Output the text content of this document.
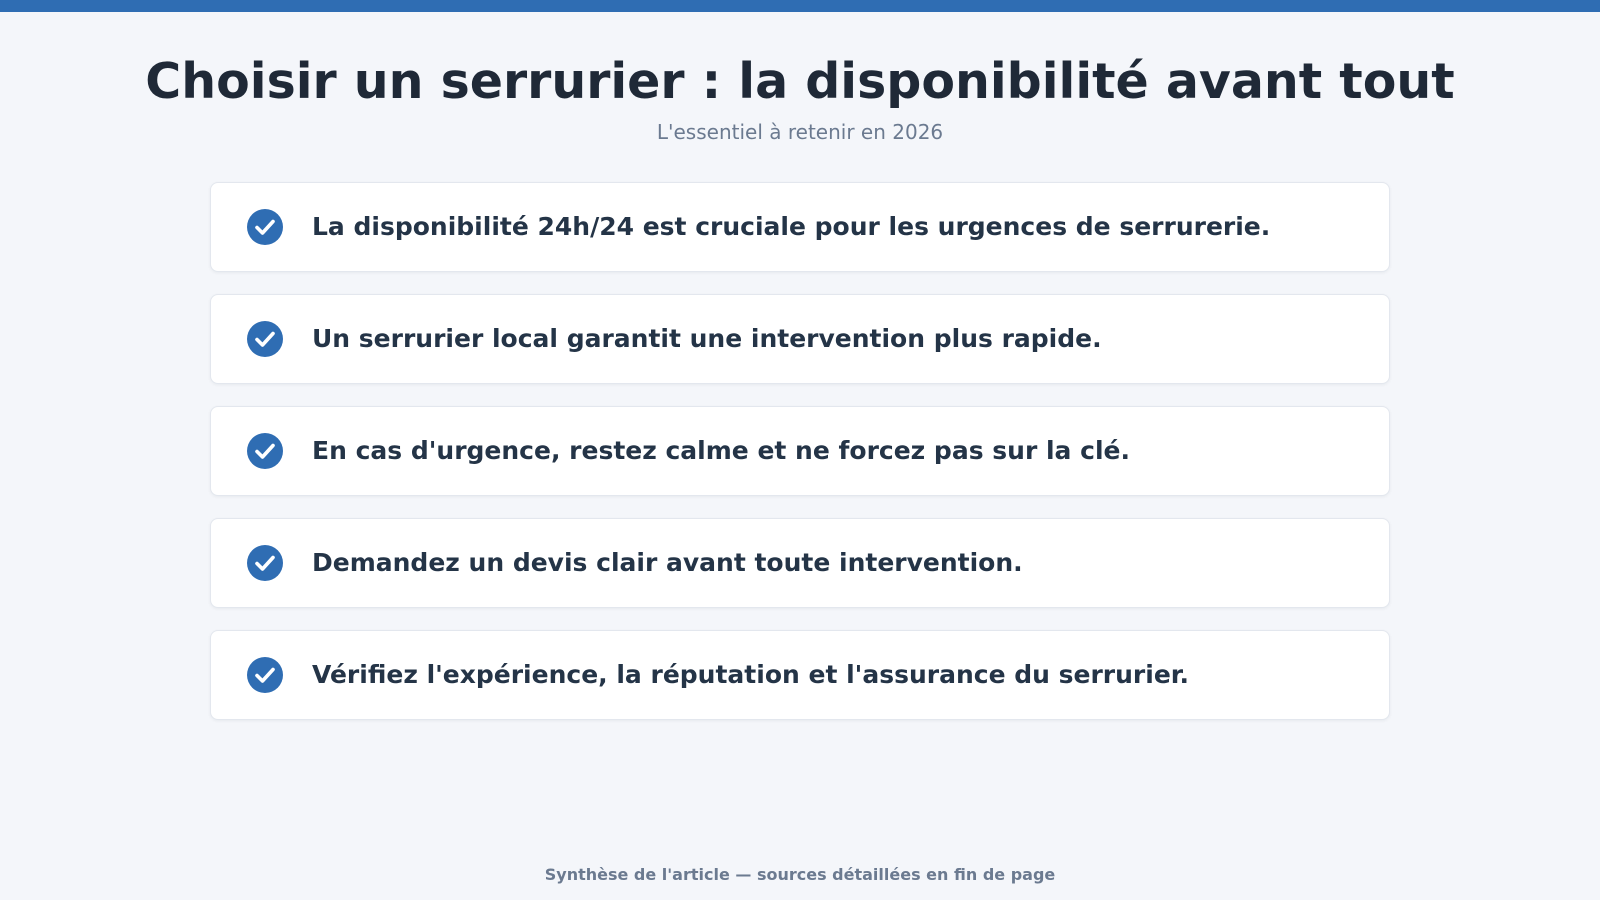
Choisir un serrurier : la disponibilité avant tout
L'essentiel à retenir en 2026
La disponibilité 24h/24 est cruciale pour les urgences de serrurerie.
Un serrurier local garantit une intervention plus rapide.
En cas d'urgence, restez calme et ne forcez pas sur la clé.
Demandez un devis clair avant toute intervention.
Vérifiez l'expérience, la réputation et l'assurance du serrurier.
Synthèse de l'article — sources détaillées en fin de page
